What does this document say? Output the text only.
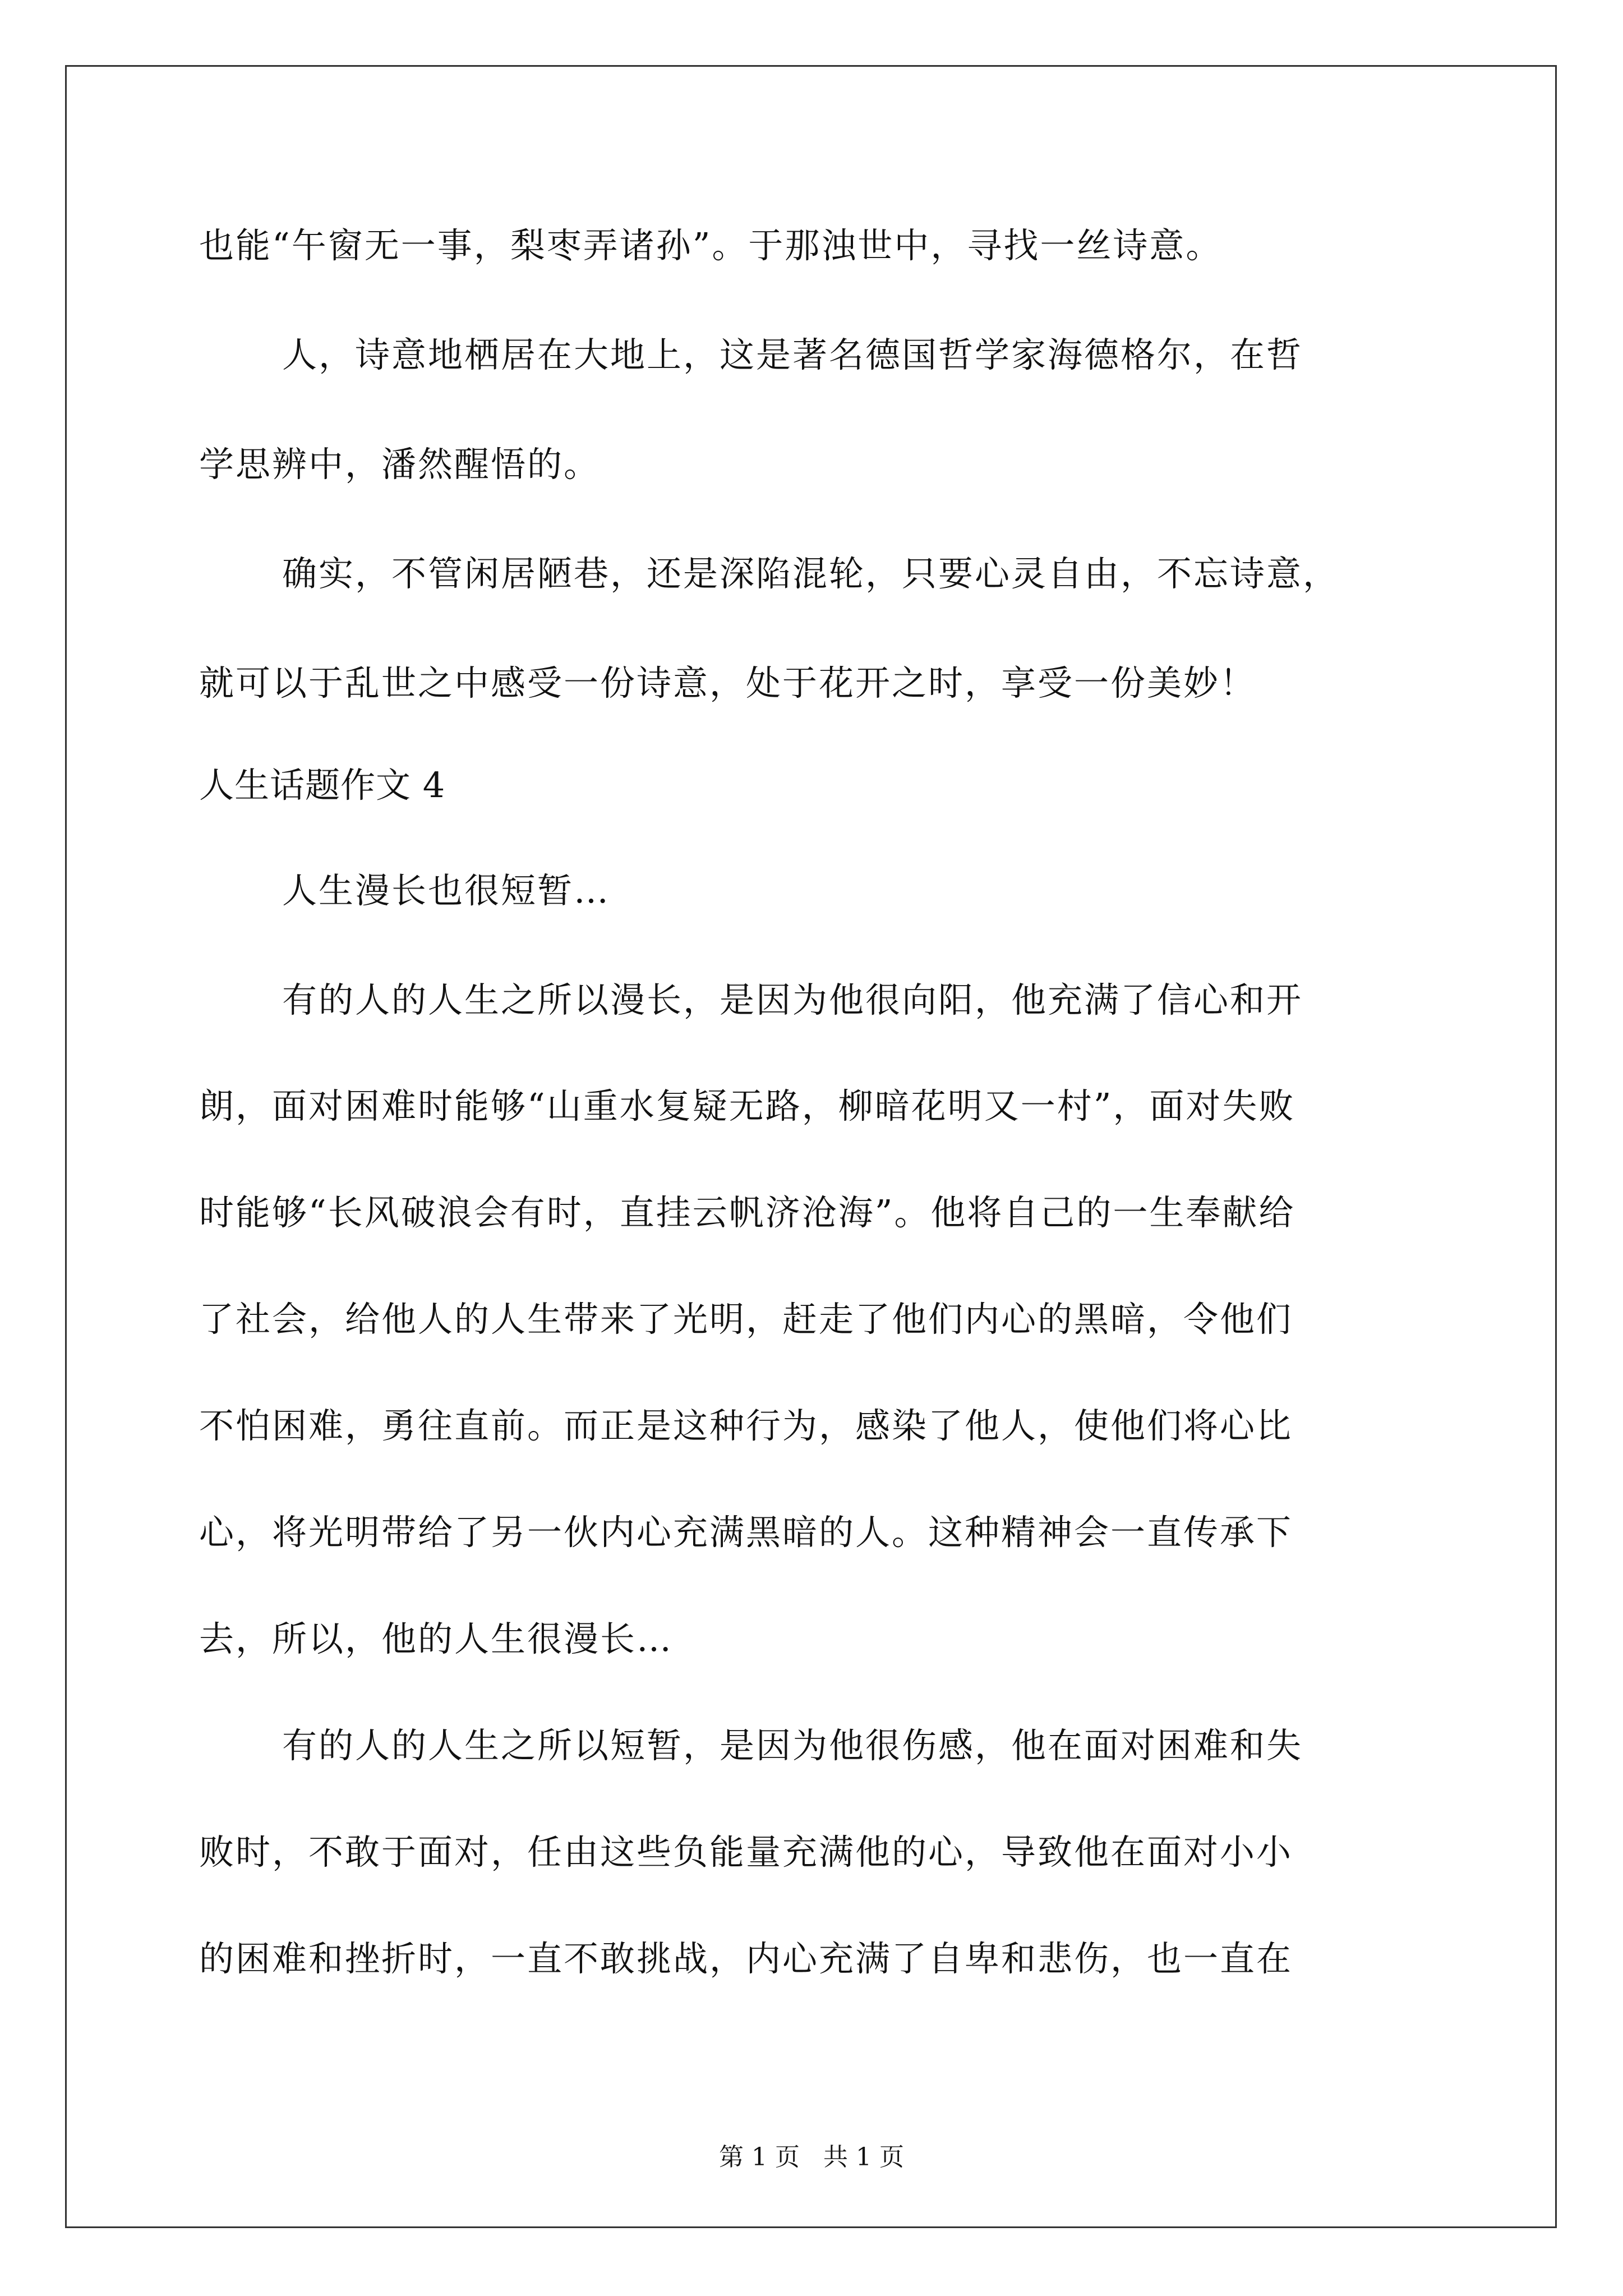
也能“午窗无一事，梨枣弄诸孙”。于那浊世中，寻找一丝诗意。
人，诗意地栖居在大地上，这是著名德国哲学家海德格尔，在哲
学思辨中，潘然醒悟的。
确实，不管闲居陋巷，还是深陷混轮，只要心灵自由，不忘诗意，
就可以于乱世之中感受一份诗意，处于花开之时，享受一份美妙！
人生话题作文 4
人生漫长也很短暂…
有的人的人生之所以漫长，是因为他很向阳，他充满了信心和开
朗，面对困难时能够“山重水复疑无路，柳暗花明又一村”，面对失败
时能够“长风破浪会有时，直挂云帆济沧海”。他将自己的一生奉献给
了社会，给他人的人生带来了光明，赶走了他们内心的黑暗，令他们
不怕困难，勇往直前。而正是这种行为，感染了他人，使他们将心比
心，将光明带给了另一伙内心充满黑暗的人。这种精神会一直传承下
去，所以，他的人生很漫长…
有的人的人生之所以短暂，是因为他很伤感，他在面对困难和失
败时，不敢于面对，任由这些负能量充满他的心，导致他在面对小小
的困难和挫折时，一直不敢挑战，内心充满了自卑和悲伤，也一直在
第 1 页   共 1 页
